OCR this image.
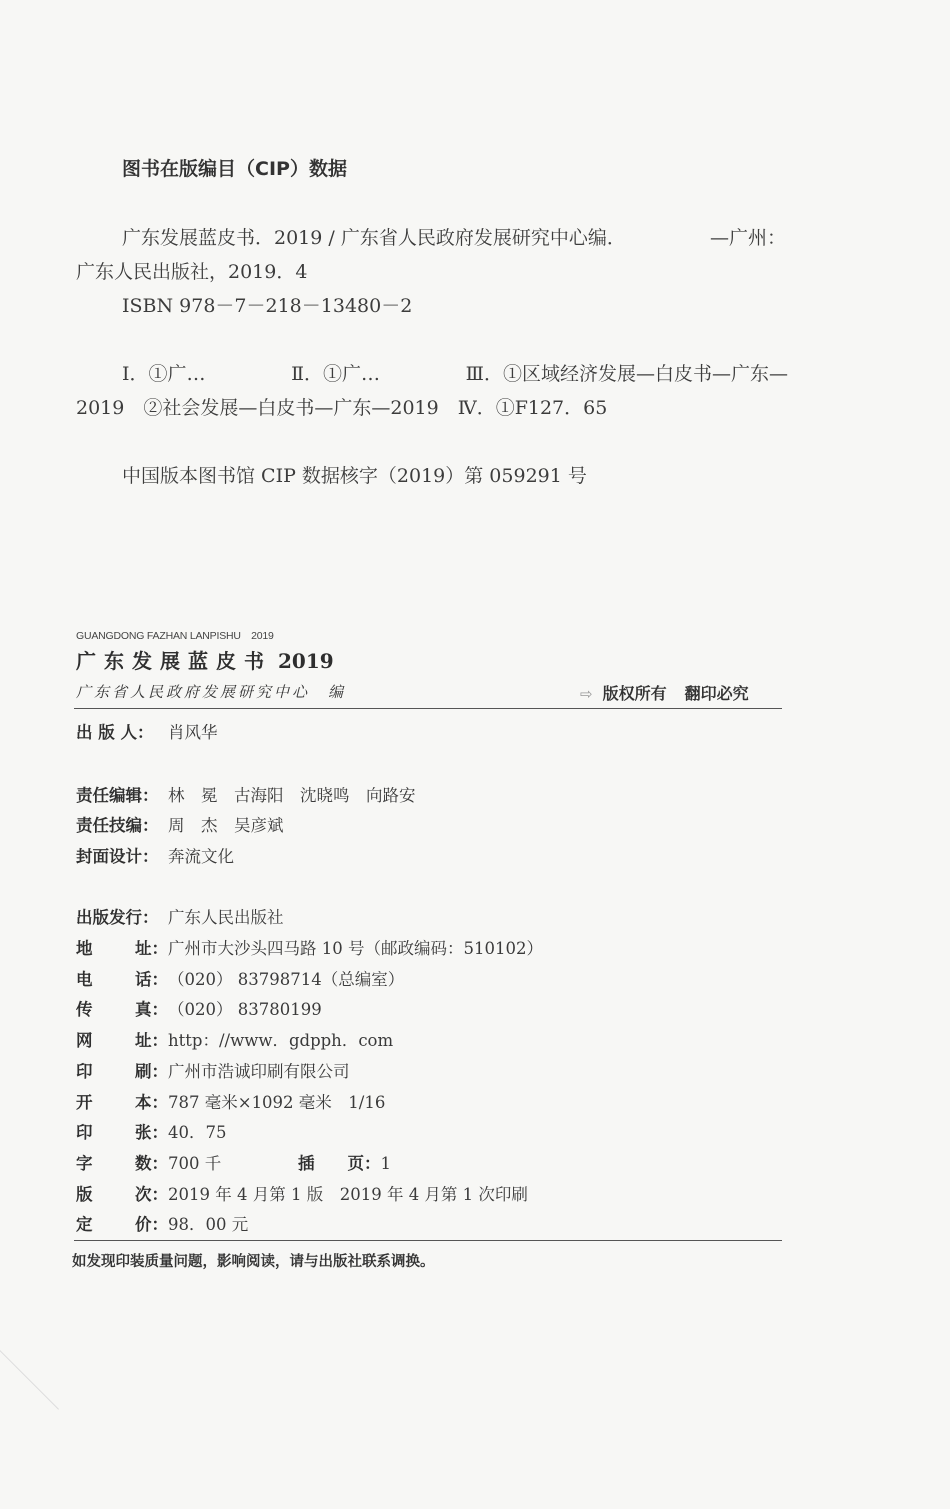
图书在版编目（CIP）数据
广东发展蓝皮书．2019 / 广东省人民政府发展研究中心编．	—广州：
广东人民出版社，2019．4
ISBN 978－7－218－13480－2
Ⅰ．①广…	Ⅱ．①广…	Ⅲ．①区域经济发展—白皮书—广东—
2019　②社会发展—白皮书—广东—2019　Ⅳ．①F127．65
中国版本图书馆 CIP 数据核字（2019）第 059291 号
GUANGDONG FAZHAN LANPISHU　2019
广东发展蓝皮书 2019
广东省人民政府发展研究中心 编	⇨ 版权所有 翻印必究
出 版 人： 肖风华
责任编辑： 林　冕　古海阳　沈晓鸣　向路安
责任技编： 周　杰　吴彦斌
封面设计： 奔流文化
出版发行： 广东人民出版社
地	址： 广州市大沙头四马路 10 号（邮政编码：510102）
电	话： （020） 83798714（总编室）
传	真： （020） 83780199
网	址： http：//www．gdpph．com
印	刷： 广州市浩诚印刷有限公司
开	本： 787 毫米×1092 毫米　1/16
印	张： 40．75
字	数： 700 千	插　　页：1
版	次： 2019 年 4 月第 1 版　2019 年 4 月第 1 次印刷
定	价： 98．00 元
如发现印装质量问题，影响阅读，请与出版社联系调换。
